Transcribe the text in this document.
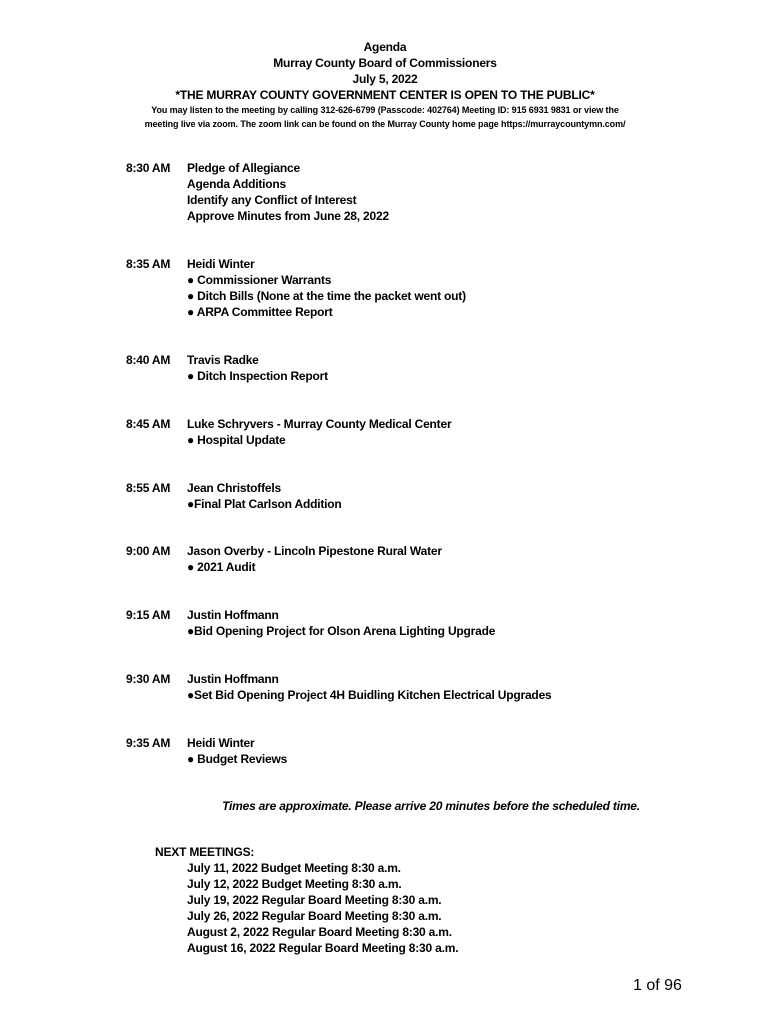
Agenda
Murray County Board of Commissioners
July 5, 2022
*THE MURRAY COUNTY GOVERNMENT CENTER IS OPEN TO THE PUBLIC*
You may listen to the meeting by calling 312-626-6799 (Passcode: 402764) Meeting ID: 915 6931 9831 or view the
meeting live via zoom. The zoom link can be found on the Murray County home page https://murraycountymn.com/
8:30 AM	Pledge of Allegiance
Agenda Additions
Identify any Conflict of Interest
Approve Minutes from June 28, 2022
8:35 AM	Heidi Winter
● Commissioner Warrants
● Ditch Bills (None at the time the packet went out)
● ARPA Committee Report
8:40 AM	Travis Radke
● Ditch Inspection Report
8:45 AM	Luke Schryvers - Murray County Medical Center
● Hospital Update
8:55 AM	Jean Christoffels
●Final Plat Carlson Addition
9:00 AM	Jason Overby - Lincoln Pipestone Rural Water
● 2021 Audit
9:15 AM	Justin Hoffmann
●Bid Opening Project for Olson Arena Lighting Upgrade
9:30 AM	Justin Hoffmann
●Set Bid Opening Project 4H Buidling Kitchen Electrical Upgrades
9:35 AM	Heidi Winter
● Budget Reviews
Times are approximate. Please arrive 20 minutes before the scheduled time.
NEXT MEETINGS:
July 11, 2022 Budget Meeting 8:30 a.m.
July 12, 2022 Budget Meeting 8:30 a.m.
July 19, 2022 Regular Board Meeting 8:30 a.m.
July 26, 2022 Regular Board Meeting 8:30 a.m.
August 2, 2022 Regular Board Meeting 8:30 a.m.
August 16, 2022 Regular Board Meeting 8:30 a.m.
1 of 96
